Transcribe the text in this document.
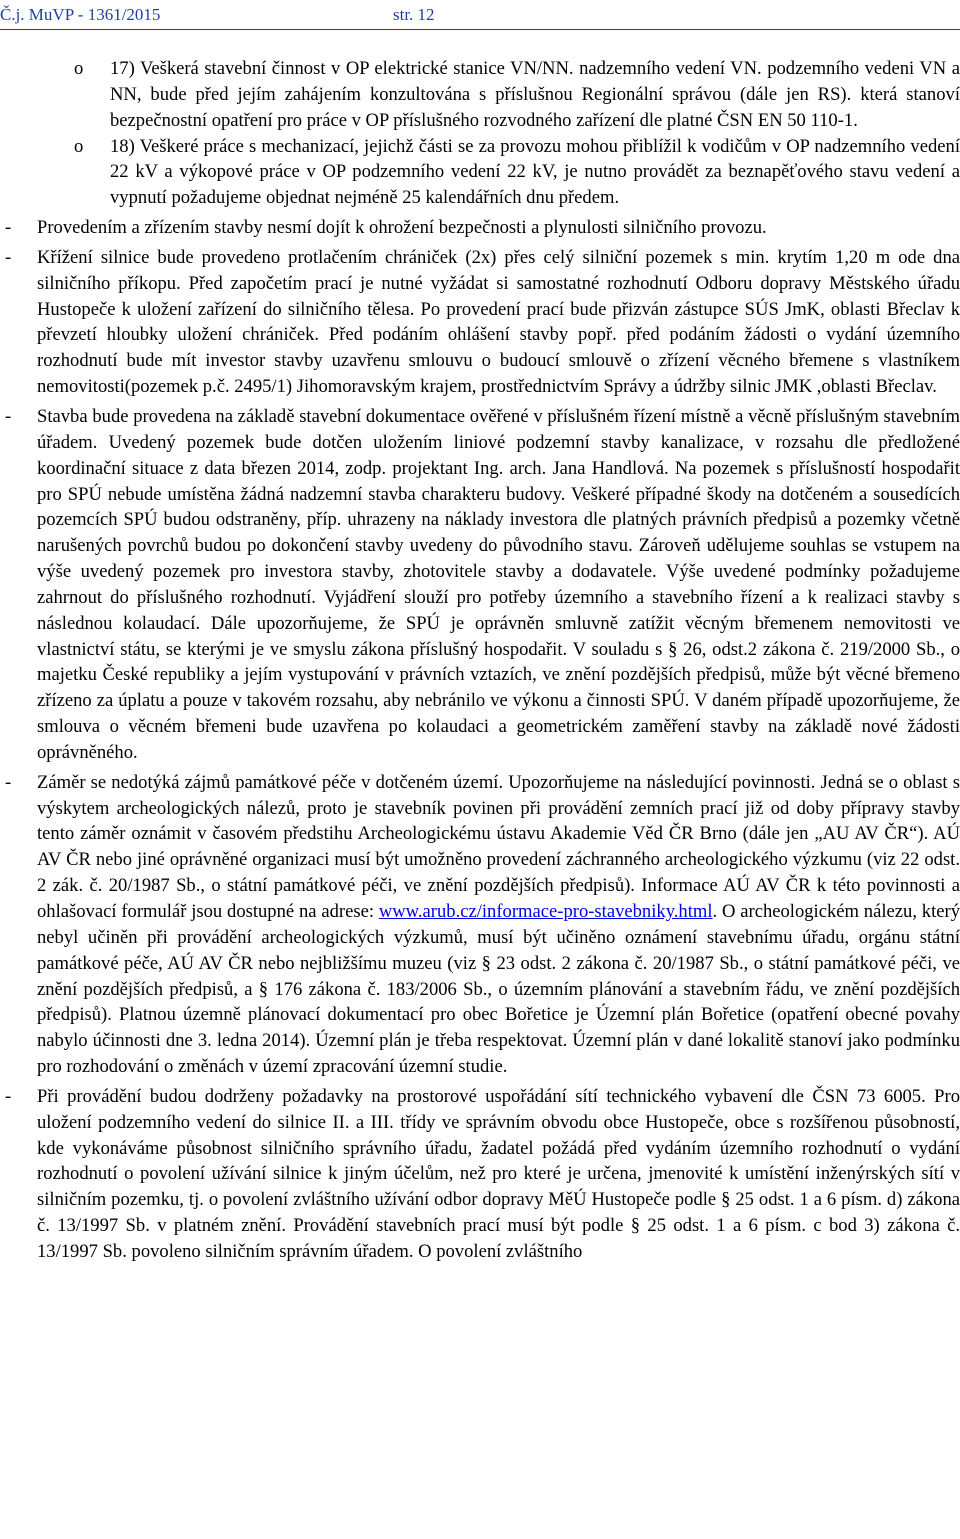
Č.j. MuVP - 1361/2015	str. 12
o 17) Veškerá stavební činnost v OP elektrické stanice VN/NN. nadzemního vedení VN. podzemního vedeni VN a NN, bude před jejím zahájením konzultována s příslušnou Regionální správou (dále jen RS). která stanoví bezpečnostní opatření pro práce v OP příslušného rozvodného zařízení dle platné ČSN EN 50 110-1.
o 18) Veškeré práce s mechanizací, jejichž části se za provozu mohou přiblížil k vodičům v OP nadzemního vedení 22 kV a výkopové práce v OP podzemního vedení 22 kV, je nutno provádět za beznapěťového stavu vedení a vypnutí požadujeme objednat nejméně 25 kalendářních dnu předem.
- Provedením a zřízením stavby nesmí dojít k ohrožení bezpečnosti a plynulosti silničního provozu.
- Křížení silnice bude provedeno protlačením chrániček (2x) přes celý silniční pozemek s min. krytím 1,20 m ode dna silničního příkopu. Před započetím prací je nutné vyžádat si samostatné rozhodnutí Odboru dopravy Městského úřadu Hustopeče k uložení zařízení do silničního tělesa. Po provedení prací bude přizván zástupce SÚS JmK, oblasti Břeclav k převzetí hloubky uložení chrániček. Před podáním ohlášení stavby popř. před podáním žádosti o vydání územního rozhodnutí bude mít investor stavby uzavřenu smlouvu o budoucí smlouvě o zřízení věcného břemene s vlastníkem nemovitosti(pozemek p.č. 2495/1) Jihomoravským krajem, prostřednictvím Správy a údržby silnic JMK ,oblasti Břeclav.
- Stavba bude provedena na základě stavební dokumentace ověřené v příslušném řízení místně a věcně příslušným stavebním úřadem. Uvedený pozemek bude dotčen uložením liniové podzemní stavby kanalizace, v rozsahu dle předložené koordinační situace z data březen 2014, zodp. projektant Ing. arch. Jana Handlová. Na pozemek s příslušností hospodařit pro SPÚ nebude umístěna žádná nadzemní stavba charakteru budovy. Veškeré případné škody na dotčeném a sousedících pozemcích SPÚ budou odstraněny, příp. uhrazeny na náklady investora dle platných právních předpisů a pozemky včetně narušených povrchů budou po dokončení stavby uvedeny do původního stavu. Zároveň udělujeme souhlas se vstupem na výše uvedený pozemek pro investora stavby, zhotovitele stavby a dodavatele. Výše uvedené podmínky požadujeme zahrnout do příslušného rozhodnutí. Vyjádření slouží pro potřeby územního a stavebního řízení a k realizaci stavby s následnou kolaudací. Dále upozorňujeme, že SPÚ je oprávněn smluvně zatížit věcným břemenem nemovitosti ve vlastnictví státu, se kterými je ve smyslu zákona příslušný hospodařit. V souladu s § 26, odst.2 zákona č. 219/2000 Sb., o majetku České republiky a jejím vystupování v právních vztazích, ve znění pozdějších předpisů, může být věcné břemeno zřízeno za úplatu a pouze v takovém rozsahu, aby nebránilo ve výkonu a činnosti SPÚ. V daném případě upozorňujeme, že smlouva o věcném břemeni bude uzavřena po kolaudaci a geometrickém zaměření stavby na základě nové žádosti oprávněného.
- Záměr se nedotýká zájmů památkové péče v dotčeném území. Upozorňujeme na následující povinnosti. Jedná se o oblast s výskytem archeologických nálezů, proto je stavebník povinen při provádění zemních prací již od doby přípravy stavby tento záměr oznámit v časovém předstihu Archeologickému ústavu Akademie Věd ČR Brno (dále jen „AU AV ČR“). AÚ AV ČR nebo jiné oprávněné organizaci musí být umožněno provedení záchranného archeologického výzkumu (viz 22 odst. 2 zák. č. 20/1987 Sb., o státní památkové péči, ve znění pozdějších předpisů). Informace AÚ AV ČR k této povinnosti a ohlašovací formulář jsou dostupné na adrese: www.arub.cz/informace-pro-stavebniky.html. O archeologickém nálezu, který nebyl učiněn při provádění archeologických výzkumů, musí být učiněno oznámení stavebnímu úřadu, orgánu státní památkové péče, AÚ AV ČR nebo nejbližšímu muzeu (viz § 23 odst. 2 zákona č. 20/1987 Sb., o státní památkové péči, ve znění pozdějších předpisů, a § 176 zákona č. 183/2006 Sb., o územním plánování a stavebním řádu, ve znění pozdějších předpisů). Platnou územně plánovací dokumentací pro obec Bořetice je Územní plán Bořetice (opatření obecné povahy nabylo účinnosti dne 3. ledna 2014). Územní plán je třeba respektovat. Územní plán v dané lokalitě stanoví jako podmínku pro rozhodování o změnách v území zpracování územní studie.
- Při provádění budou dodrženy požadavky na prostorové uspořádání sítí technického vybavení dle ČSN 73 6005. Pro uložení podzemního vedení do silnice II. a III. třídy ve správním obvodu obce Hustopeče, obce s rozšířenou působností, kde vykonáváme působnost silničního správního úřadu, žadatel požádá před vydáním územního rozhodnutí o vydání rozhodnutí o povolení užívání silnice k jiným účelům, než pro které je určena, jmenovité k umístění inženýrských sítí v silničním pozemku, tj. o povolení zvláštního užívání odbor dopravy MěÚ Hustopeče podle § 25 odst. 1 a 6 písm. d) zákona č. 13/1997 Sb. v platném znění. Provádění stavebních prací musí být podle § 25 odst. 1 a 6 písm. c bod 3) zákona č. 13/1997 Sb. povoleno silničním správním úřadem. O povolení zvláštního
